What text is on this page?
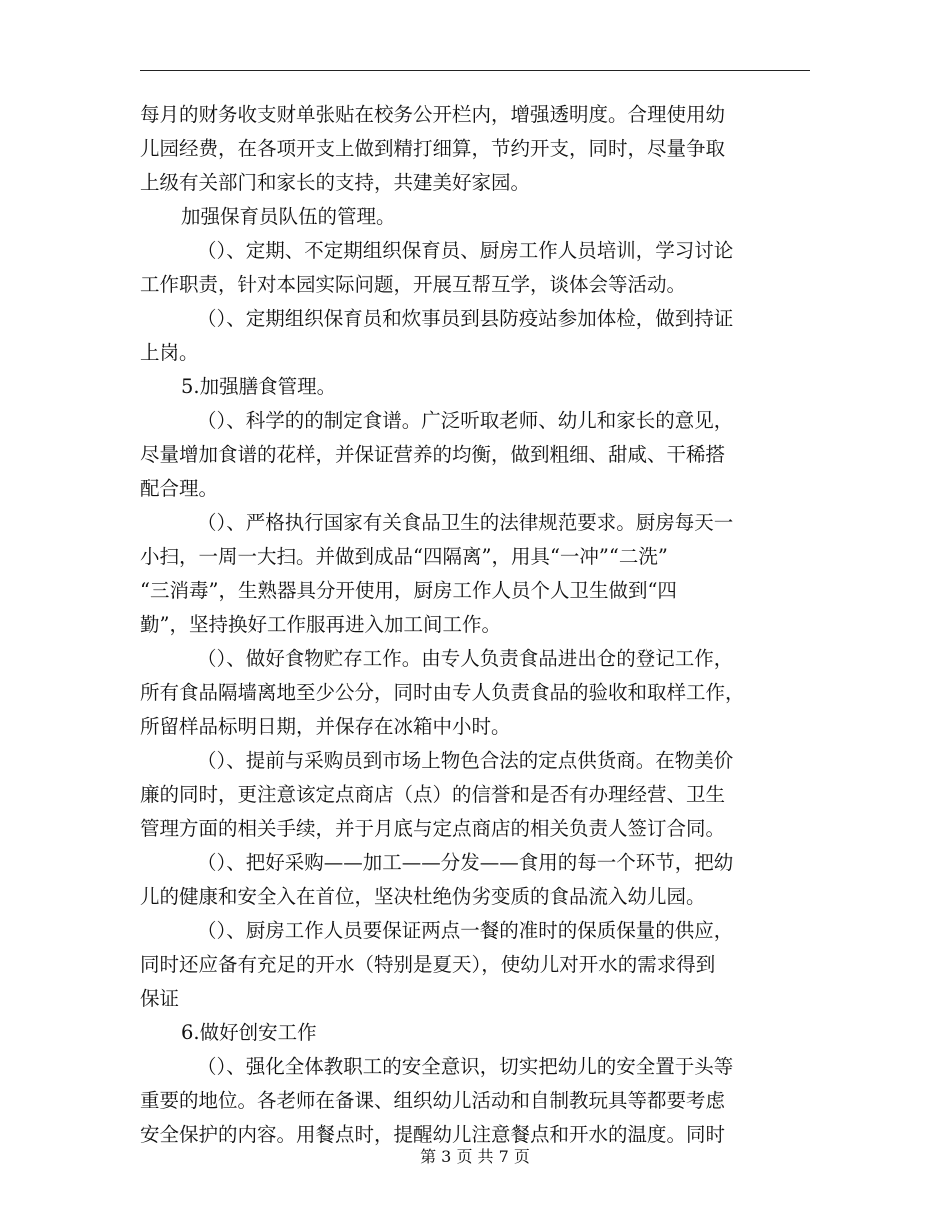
每月的财务收支财单张贴在校务公开栏内，增强透明度。合理使用幼
儿园经费，在各项开支上做到精打细算，节约开支，同时，尽量争取
上级有关部门和家长的支持，共建美好家园。
加强保育员队伍的管理。
（）、定期、不定期组织保育员、厨房工作人员培训，学习讨论
工作职责，针对本园实际问题，开展互帮互学，谈体会等活动。
（）、定期组织保育员和炊事员到县防疫站参加体检，做到持证
上岗。
5.加强膳食管理。
（）、科学的的制定食谱。广泛听取老师、幼儿和家长的意见，
尽量增加食谱的花样，并保证营养的均衡，做到粗细、甜咸、干稀搭
配合理。
（）、严格执行国家有关食品卫生的法律规范要求。厨房每天一
小扫，一周一大扫。并做到成品“四隔离”，用具“一冲”“二洗”
“三消毒”，生熟器具分开使用，厨房工作人员个人卫生做到“四
勤”，坚持换好工作服再进入加工间工作。
（）、做好食物贮存工作。由专人负责食品进出仓的登记工作，
所有食品隔墙离地至少公分，同时由专人负责食品的验收和取样工作，
所留样品标明日期，并保存在冰箱中小时。
（）、提前与采购员到市场上物色合法的定点供货商。在物美价
廉的同时，更注意该定点商店（点）的信誉和是否有办理经营、卫生
管理方面的相关手续，并于月底与定点商店的相关负责人签订合同。
（）、把好采购——加工——分发——食用的每一个环节，把幼
儿的健康和安全入在首位，坚决杜绝伪劣变质的食品流入幼儿园。
（）、厨房工作人员要保证两点一餐的准时的保质保量的供应，
同时还应备有充足的开水（特别是夏天），使幼儿对开水的需求得到
保证
6.做好创安工作
（）、强化全体教职工的安全意识，切实把幼儿的安全置于头等
重要的地位。各老师在备课、组织幼儿活动和自制教玩具等都要考虑
安全保护的内容。用餐点时，提醒幼儿注意餐点和开水的温度。同时
第 3 页 共 7 页
